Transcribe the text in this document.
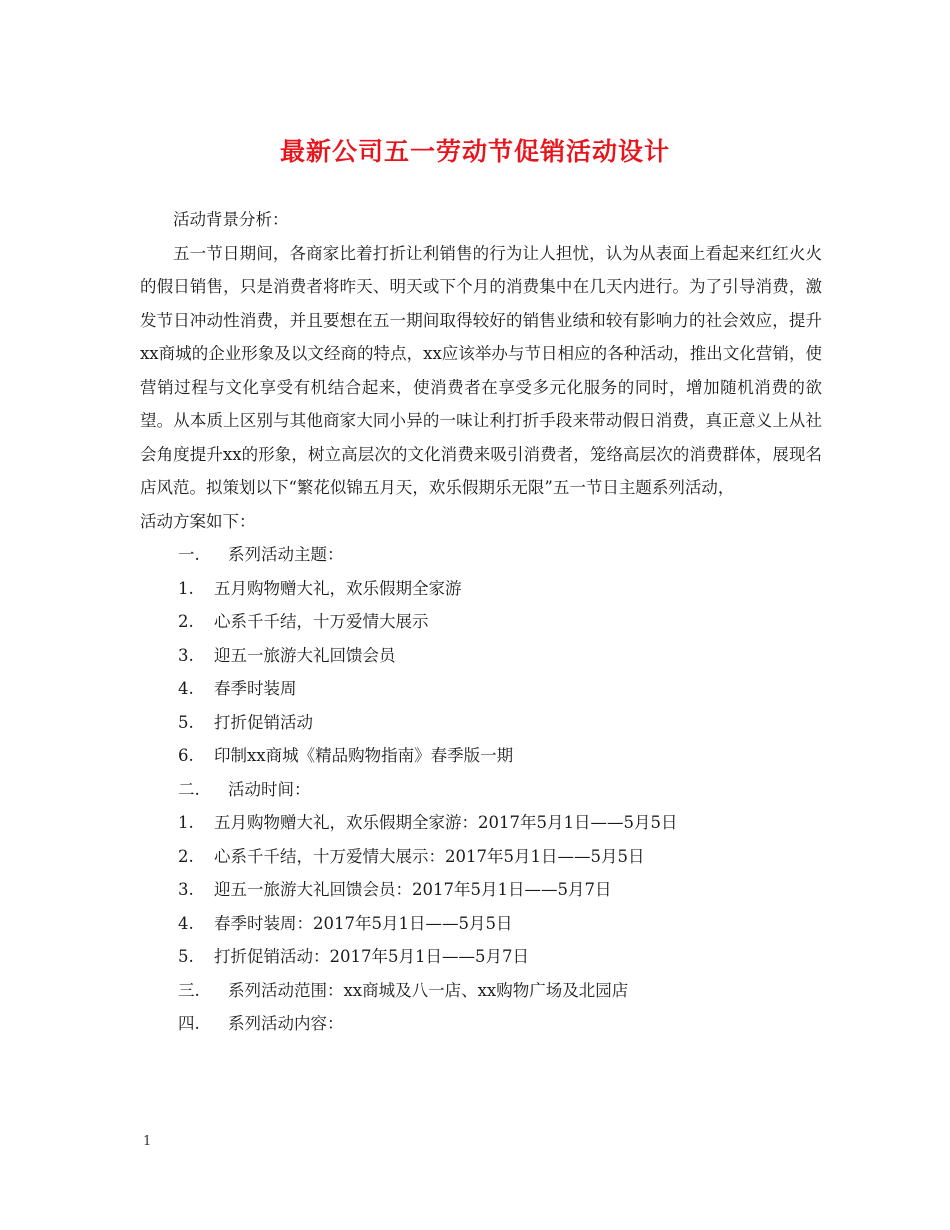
最新公司五一劳动节促销活动设计

活动背景分析：

五一节日期间，各商家比着打折让利销售的行为让人担忧，认为从表面上看起来红红火火的假日销售，只是消费者将昨天、明天或下个月的消费集中在几天内进行。为了引导消费，激发节日冲动性消费，并且要想在五一期间取得较好的销售业绩和较有影响力的社会效应，提升xx商城的企业形象及以文经商的特点，xx应该举办与节日相应的各种活动，推出文化营销，使营销过程与文化享受有机结合起来，使消费者在享受多元化服务的同时，增加随机消费的欲望。从本质上区别与其他商家大同小异的一味让利打折手段来带动假日消费，真正意义上从社会角度提升xx的形象，树立高层次的文化消费来吸引消费者，笼络高层次的消费群体，展现名店风范。拟策划以下“繁花似锦五月天，欢乐假期乐无限”五一节日主题系列活动，

活动方案如下：

一. 系列活动主题：

1. 五月购物赠大礼，欢乐假期全家游

2. 心系千千结，十万爱情大展示

3. 迎五一旅游大礼回馈会员

4. 春季时装周

5. 打折促销活动

6. 印制xx商城《精品购物指南》春季版一期

二. 活动时间：

1. 五月购物赠大礼，欢乐假期全家游：2017年5月1日——5月5日

2. 心系千千结，十万爱情大展示：2017年5月1日——5月5日

3. 迎五一旅游大礼回馈会员：2017年5月1日——5月7日

4. 春季时装周：2017年5月1日——5月5日

5. 打折促销活动：2017年5月1日——5月7日

三. 系列活动范围：xx商城及八一店、xx购物广场及北园店

四. 系列活动内容：

1
